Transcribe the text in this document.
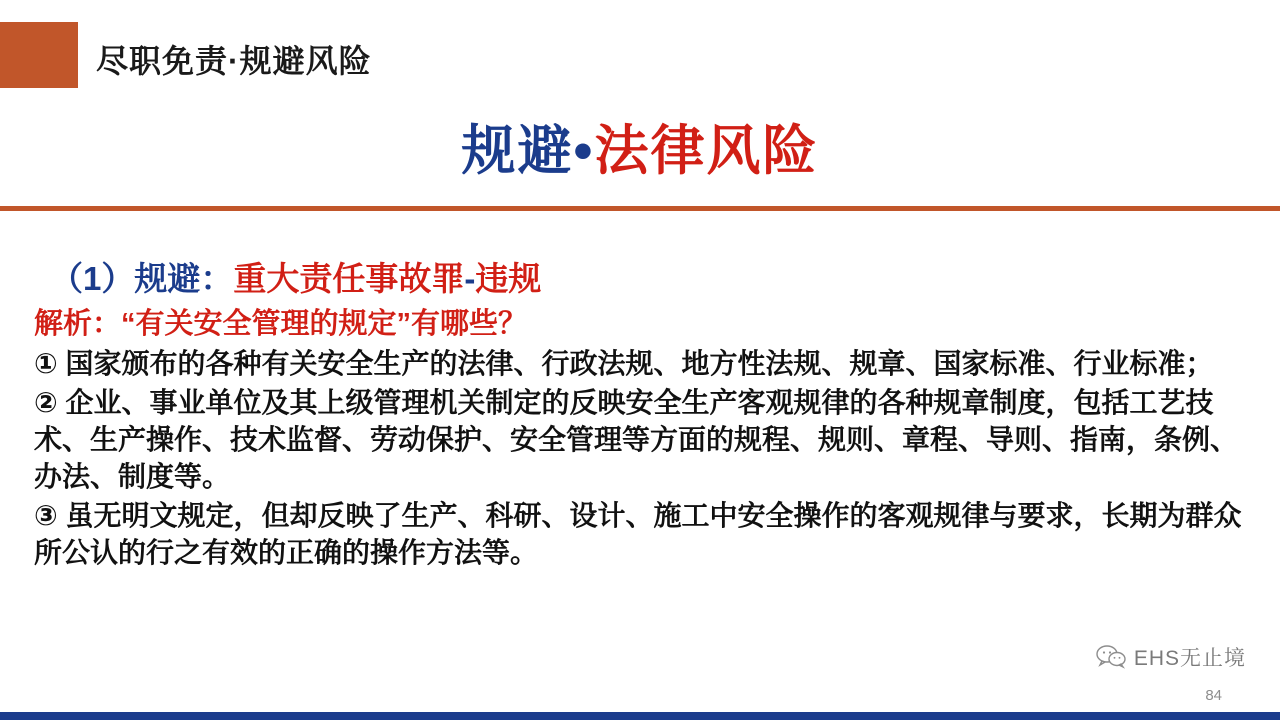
尽职免责·规避风险
规避•法律风险
（1）规避：重大责任事故罪-违规
解析：“有关安全管理的规定”有哪些？
① 国家颁布的各种有关安全生产的法律、行政法规、地方性法规、规章、国家标准、行业标准；
② 企业、事业单位及其上级管理机关制定的反映安全生产客观规律的各种规章制度，包括工艺技术、生产操作、技术监督、劳动保护、安全管理等方面的规程、规则、章程、导则、指南，条例、办法、制度等。
③ 虽无明文规定，但却反映了生产、科研、设计、施工中安全操作的客观规律与要求，长期为群众所公认的行之有效的正确的操作方法等。
EHS无止境
84
